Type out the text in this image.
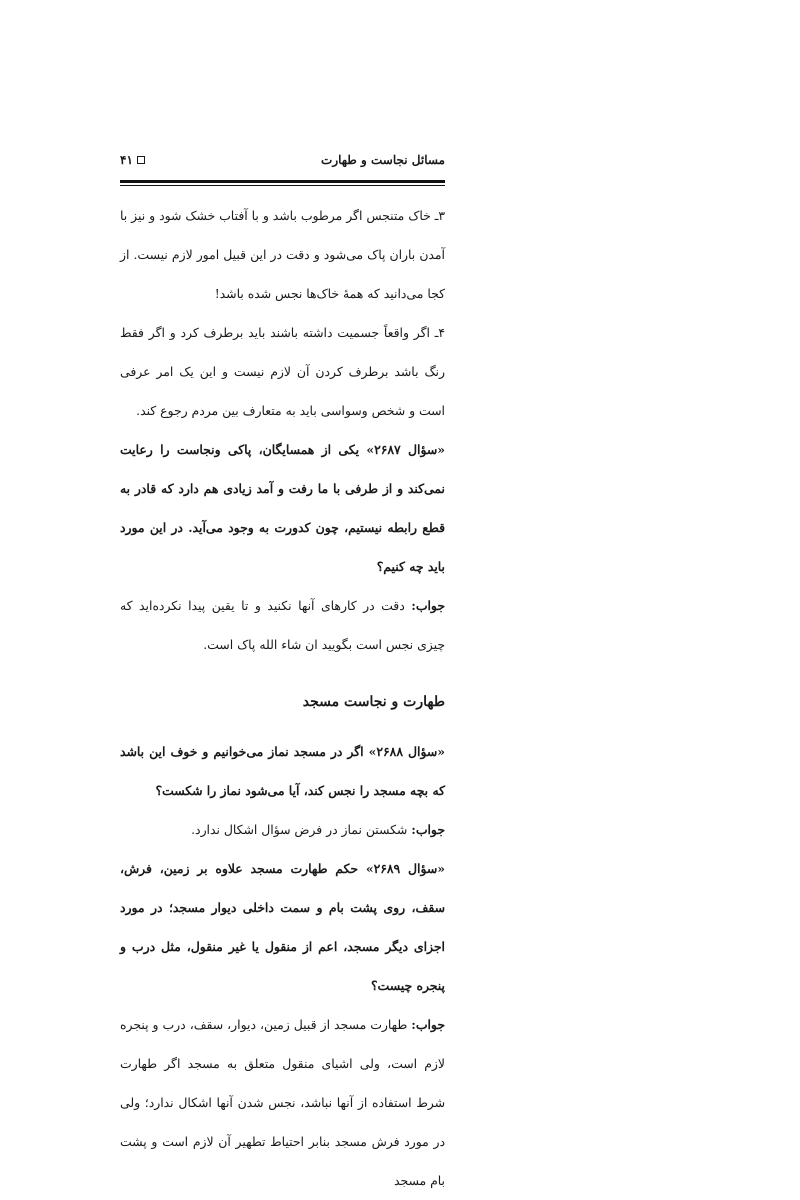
مسائل نجاست و طهارت
۴۱

۳ـ خاک متنجس اگر مرطوب باشد و با آفتاب خشک شود و نیز با آمدن باران پاک می‌شود و دقت در این قبیل امور لازم نیست. از کجا می‌دانید که همهٔ خاک‌ها نجس شده باشد!

۴ـ اگر واقعاً جسمیت داشته باشند باید برطرف کرد و اگر فقط رنگ باشد برطرف کردن آن لازم نیست و این یک امر عرفی است و شخص وسواسی باید به متعارف بین مردم رجوع کند.

«سؤال ۲۶۸۷» یکی از همسایگان، پاکی ونجاست را رعایت نمی‌کند و از طرفی با ما رفت و آمد زیادی هم دارد که قادر به قطع رابطه نیستیم، چون کدورت به وجود می‌آید. در این مورد باید چه کنیم؟

جواب: دقت در کارهای آنها نکنید و تا یقین پیدا نکرده‌اید که چیزی نجس است بگویید ان شاء الله پاک است.

طهارت و نجاست مسجد

«سؤال ۲۶۸۸» اگر در مسجد نماز می‌خوانیم و خوف این باشد که بچه مسجد را نجس کند، آیا می‌شود نماز را شکست؟

جواب: شکستن نماز در فرض سؤال اشکال ندارد.

«سؤال ۲۶۸۹» حکم طهارت مسجد علاوه بر زمین، فرش، سقف، روی پشت بام و سمت داخلی دیوار مسجد؛ در مورد اجزای دیگر مسجد، اعم از منقول یا غیر منقول، مثل درب و پنجره چیست؟

جواب: طهارت مسجد از قبیل زمین، دیوار، سقف، درب و پنجره لازم است، ولی اشیای منقول متعلق به مسجد اگر طهارت شرط استفاده از آنها نباشد، نجس شدن آنها اشکال ندارد؛ ولی در مورد فرش مسجد بنابر احتیاط تطهیر آن لازم است و پشت بام مسجد
